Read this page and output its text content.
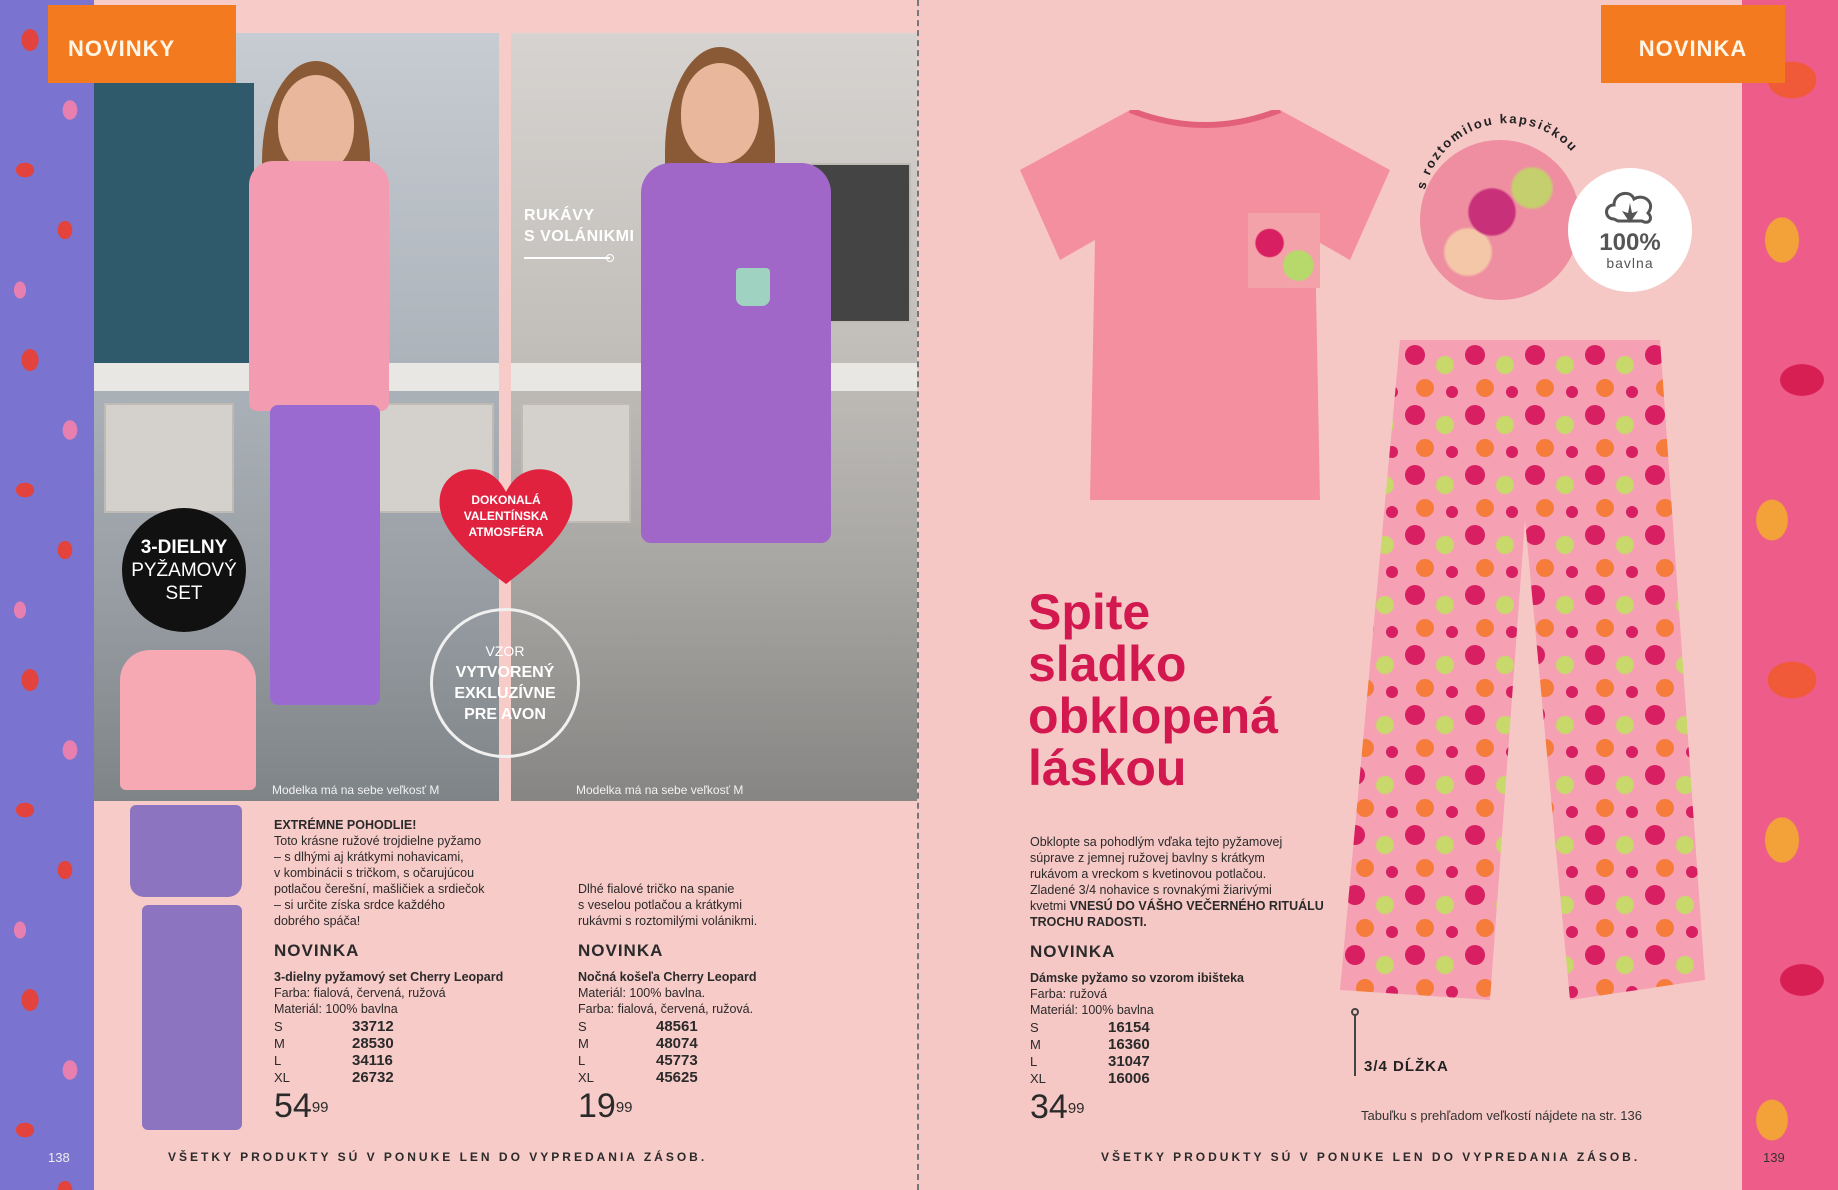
Modelka má na sebe veľkosť M	Modelka má na sebe veľkosť M
NOVINKY
RUKÁVY
S VOLÁNIKMI
3-DIELNY
PYŽAMOVÝ
SET
DOKONALÁ
VALENTÍNSKA
ATMOSFÉRA
VZOR
VYTVORENÝ
EXKLUZÍVNE
PRE AVON
EXTRÉMNE POHODLIE!
Toto krásne ružové trojdielne pyžamo
– s dlhými aj krátkymi nohavicami,
v kombinácii s tričkom, s očarujúcou
potlačou čerešní, mašličiek a srdiečok
– si určite získa srdce každého
dobrého spáča!
NOVINKA
3-dielny pyžamový set Cherry Leopard
Farba: fialová, červená, ružová
Materiál: 100% bavlna
S	33712
M	28530
L	34116
XL	26732
$54^{99}$
Dlhé fialové tričko na spanie
s veselou potlačou a krátkymi
rukávmi s roztomilými volánikmi.
NOVINKA
Nočná košeľa Cherry Leopard
Materiál: 100% bavlna.
Farba: fialová, červená, ružová.
S	48561
M	48074
L	45773
XL	45625
$19^{99}$
138	VŠETKY PRODUKTY SÚ V PONUKE LEN DO VYPREDANIA ZÁSOB.
NOVINKA
s roztomilou kapsičkou
100%
bavlna
Spite
sladko
obklopená
láskou
Obklopte sa pohodlým vďaka tejto pyžamovej
súprave z jemnej ružovej bavlny s krátkym
rukávom a vreckom s kvetinovou potlačou.
Zladené 3/4 nohavice s rovnakými žiarivými
kvetmi VNESÚ DO VÁŠHO VEČERNÉHO RITUÁLU TROCHU RADOSTI.
NOVINKA
Dámske pyžamo so vzorom ibišteka
Farba: ružová
Materiál: 100% bavlna
S	16154
M	16360
L	31047
XL	16006
$34^{99}$
3/4 DĹŽKA
Tabuľku s prehľadom veľkostí nájdete na str. 136
VŠETKY PRODUKTY SÚ V PONUKE LEN DO VYPREDANIA ZÁSOB.	139
